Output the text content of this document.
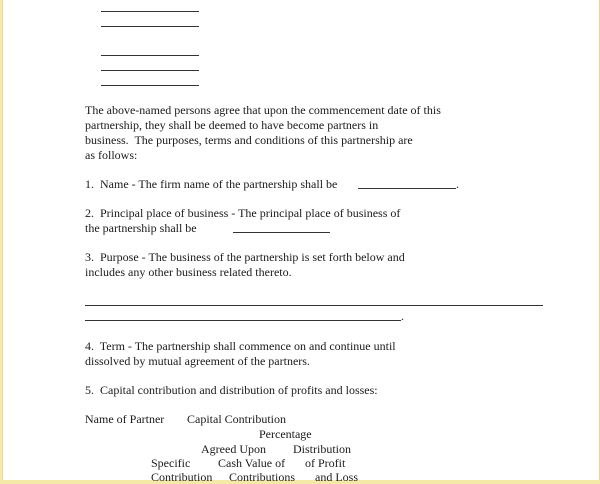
The above-named persons agree that upon the commencement date of this
partnership, they shall be deemed to have become partners in
business.  The purposes, terms and conditions of this partnership are
as follows:
1.  Name - The firm name of the partnership shall be	.
2.  Principal place of business - The principal place of business of
the partnership shall be
3.  Purpose - The business of the partnership is set forth below and
includes any other business related thereto.
.
4.  Term - The partnership shall commence on and continue until
dissolved by mutual agreement of the partners.
5.  Capital contribution and distribution of profits and losses:
Name of Partner Capital Contribution
Percentage
Agreed Upon Distribution
Specific Cash Value of of Profit
Contribution Contributions and Loss
